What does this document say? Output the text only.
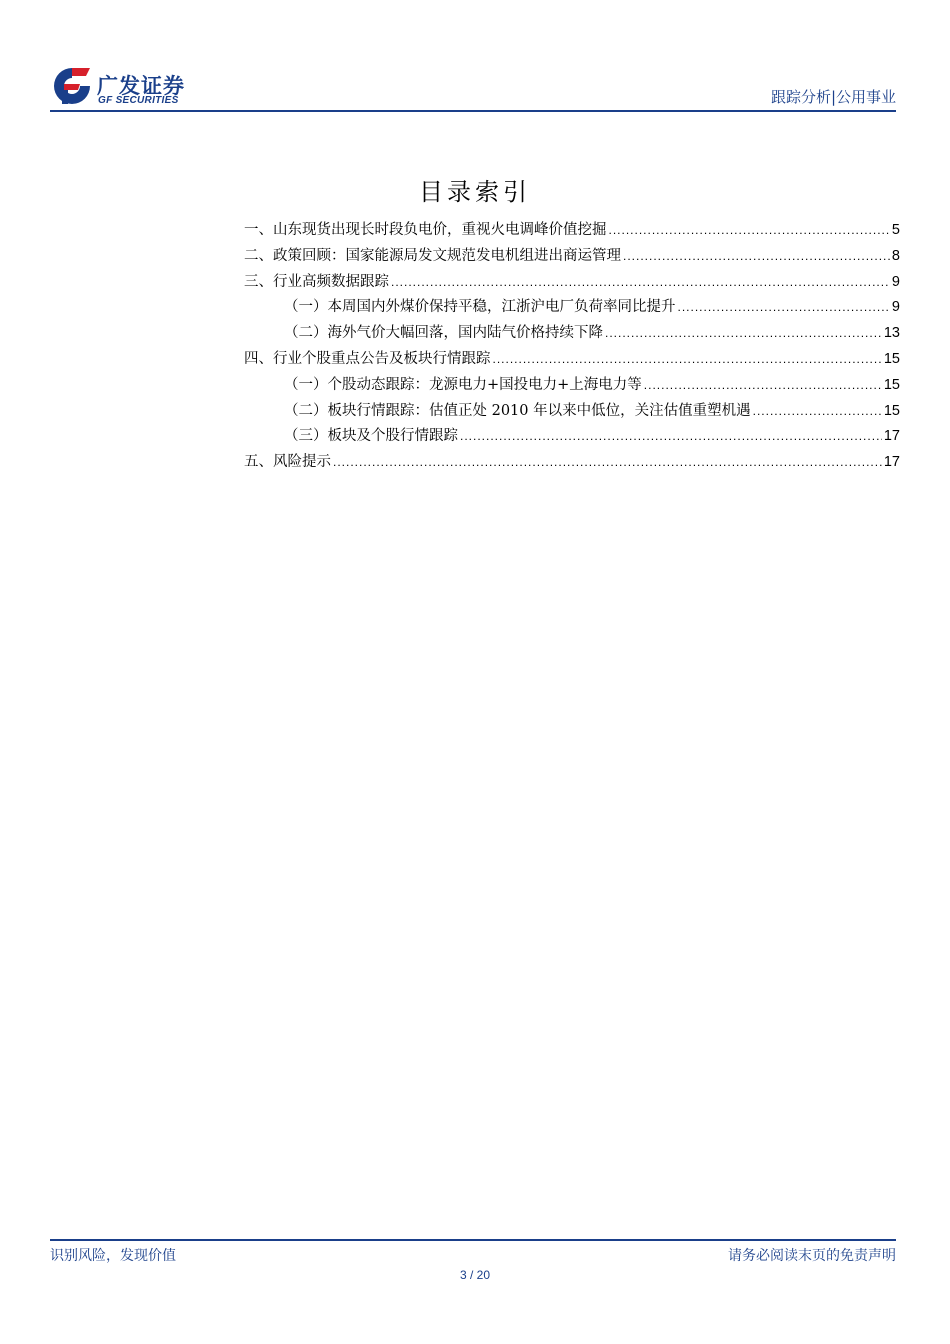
广发证券
GF SECURITIES	跟踪分析|公用事业
目录索引
一、山东现货出现长时段负电价，重视火电调峰价值挖掘 .....	5
二、政策回顾：国家能源局发文规范发电机组进出商运管理 .....	8
三、行业高频数据跟踪 .....	9
（一）本周国内外煤价保持平稳，江浙沪电厂负荷率同比提升 .....	9
（二）海外气价大幅回落，国内陆气价格持续下降 .....	13
四、行业个股重点公告及板块行情跟踪 .....	15
（一）个股动态跟踪：龙源电力+国投电力+上海电力等 .....	15
（二）板块行情跟踪：估值正处 2010 年以来中低位，关注估值重塑机遇 .....	15
（三）板块及个股行情跟踪 .....	17
五、风险提示 .....	17
识别风险，发现价值	请务必阅读末页的免责声明
3 / 20
